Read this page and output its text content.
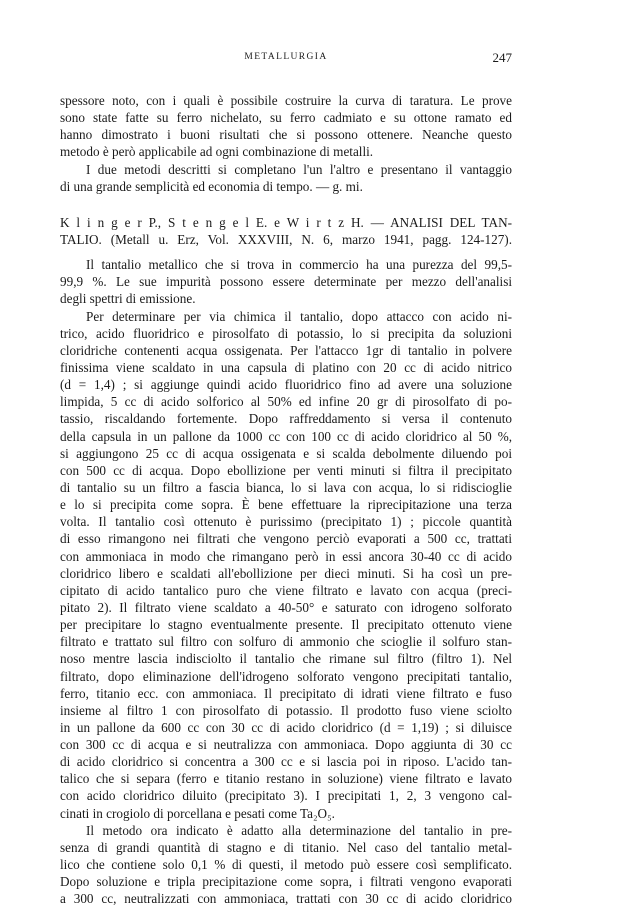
METALLURGIA	247
spessore noto, con i quali è possibile costruire la curva di taratura. Le prove
sono state fatte su ferro nichelato, su ferro cadmiato e su ottone ramato ed
hanno dimostrato i buoni risultati che si possono ottenere. Neanche questo
metodo è però applicabile ad ogni combinazione di metalli.
I due metodi descritti si completano l'un l'altro e presentano il vantaggio
di una grande semplicità ed economia di tempo. — g. mi.
K l i n g e r P., S t e n g e l E. e W i r t z H. — ANALISI DEL TAN-
TALIO. (Metall u. Erz, Vol. XXXVIII, N. 6, marzo 1941, pagg. 124-127).
Il tantalio metallico che si trova in commercio ha una purezza del 99,5-
99,9 %. Le sue impurità possono essere determinate per mezzo dell'analisi
degli spettri di emissione.
Per determinare per via chimica il tantalio, dopo attacco con acido ni-
trico, acido fluoridrico e pirosolfato di potassio, lo si precipita da soluzioni
cloridriche contenenti acqua ossigenata. Per l'attacco 1gr di tantalio in polvere
finissima viene scaldato in una capsula di platino con 20 cc di acido nitrico
(d = 1,4) ; si aggiunge quindi acido fluoridrico fino ad avere una soluzione
limpida, 5 cc di acido solforico al 50% ed infine 20 gr di pirosolfato di po-
tassio, riscaldando fortemente. Dopo raffreddamento si versa il contenuto
della capsula in un pallone da 1000 cc con 100 cc di acido cloridrico al 50 %,
si aggiungono 25 cc di acqua ossigenata e si scalda debolmente diluendo poi
con 500 cc di acqua. Dopo ebollizione per venti minuti si filtra il precipitato
di tantalio su un filtro a fascia bianca, lo si lava con acqua, lo si ridiscioglie
e lo si precipita come sopra. È bene effettuare la riprecipitazione una terza
volta. Il tantalio così ottenuto è purissimo (precipitato 1) ; piccole quantità
di esso rimangono nei filtrati che vengono perciò evaporati a 500 cc, trattati
con ammoniaca in modo che rimangano però in essi ancora 30-40 cc di acido
cloridrico libero e scaldati all'ebollizione per dieci minuti. Si ha così un pre-
cipitato di acido tantalico puro che viene filtrato e lavato con acqua (preci-
pitato 2). Il filtrato viene scaldato a 40-50° e saturato con idrogeno solforato
per precipitare lo stagno eventualmente presente. Il precipitato ottenuto viene
filtrato e trattato sul filtro con solfuro di ammonio che scioglie il solfuro stan-
noso mentre lascia indisciolto il tantalio che rimane sul filtro (filtro 1). Nel
filtrato, dopo eliminazione dell'idrogeno solforato vengono precipitati tantalio,
ferro, titanio ecc. con ammoniaca. Il precipitato di idrati viene filtrato e fuso
insieme al filtro 1 con pirosolfato di potassio. Il prodotto fuso viene sciolto
in un pallone da 600 cc con 30 cc di acido cloridrico (d = 1,19) ; si diluisce
con 300 cc di acqua e si neutralizza con ammoniaca. Dopo aggiunta di 30 cc
di acido cloridrico si concentra a 300 cc e si lascia poi in riposo. L'acido tan-
talico che si separa (ferro e titanio restano in soluzione) viene filtrato e lavato
con acido cloridrico diluito (precipitato 3). I precipitati 1, 2, 3 vengono cal-
cinati in crogiolo di porcellana e pesati come Ta₂O₅.
Il metodo ora indicato è adatto alla determinazione del tantalio in pre-
senza di grandi quantità di stagno e di titanio. Nel caso del tantalio metal-
lico che contiene solo 0,1 % di questi, il metodo può essere così semplificato.
Dopo soluzione e tripla precipitazione come sopra, i filtrati vengono evaporati
a 300 cc, neutralizzati con ammoniaca, trattati con 30 cc di acido cloridrico
